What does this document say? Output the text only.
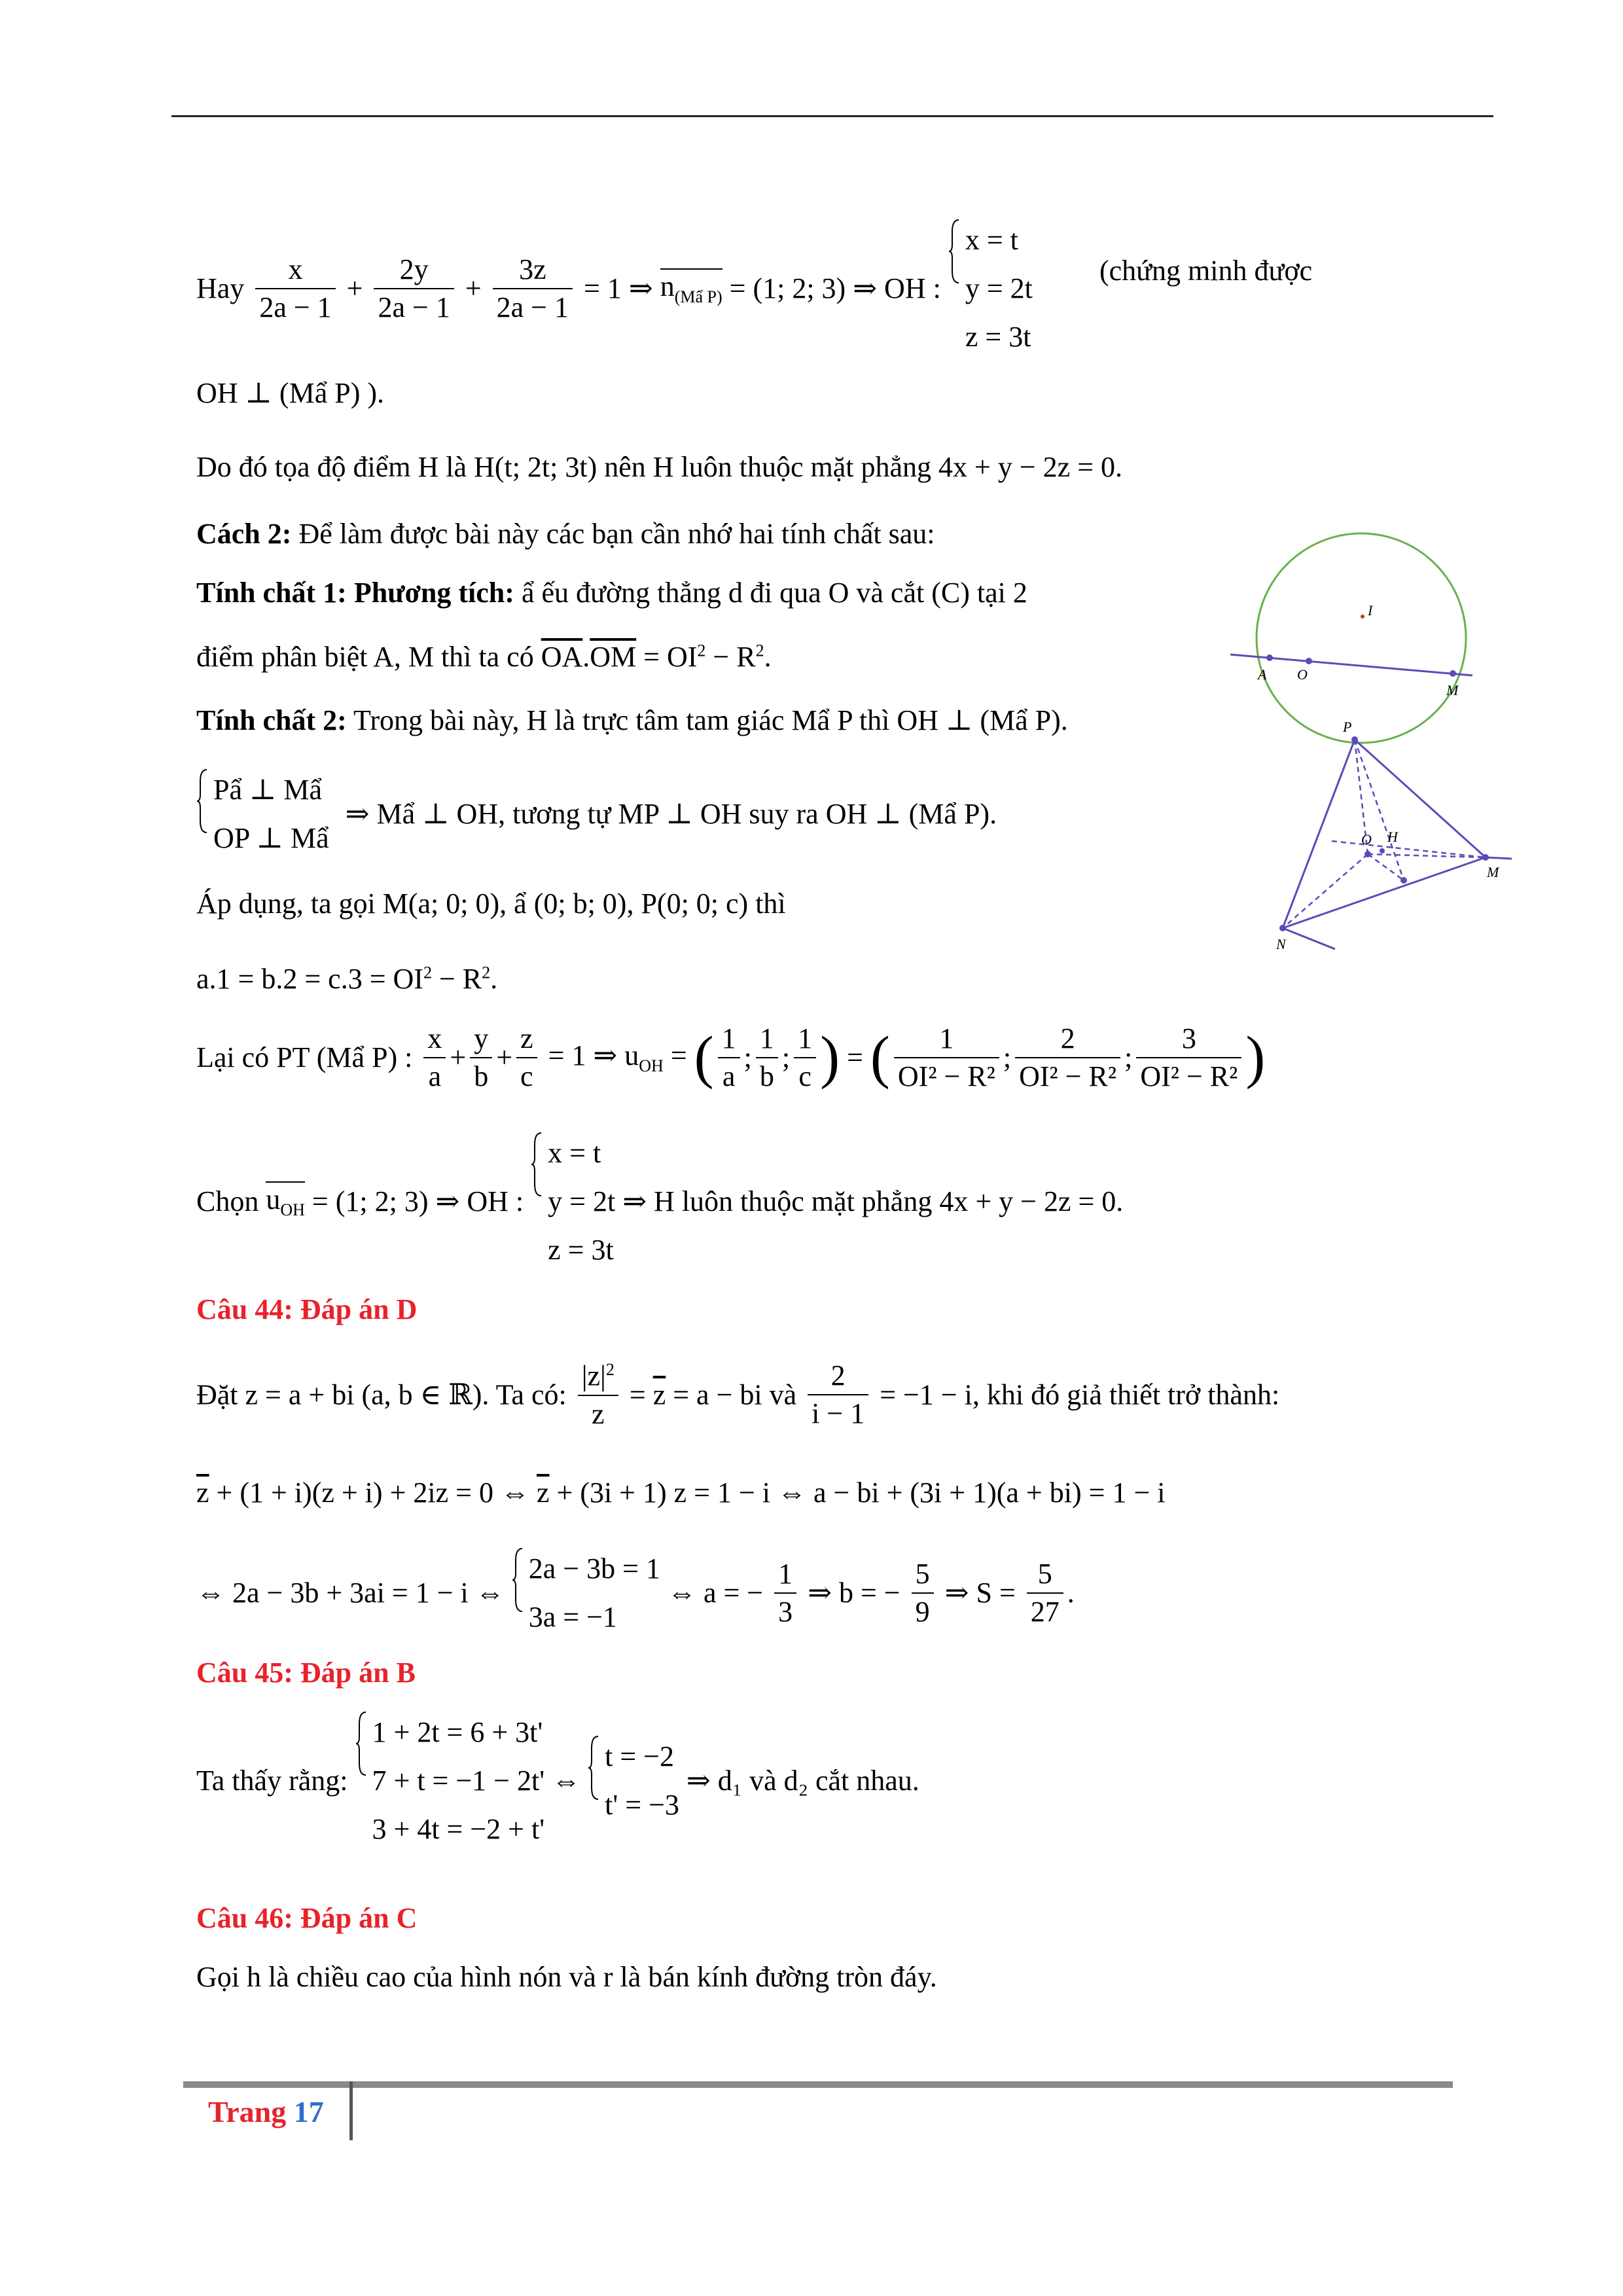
Hay $\frac{x}{2a - 1} + \frac{2y}{2a - 1} + \frac{3z}{2a - 1} = 1$ ⇒ $n_{(Mẩ P)} = (1$; 2; 3) ⇒ OH :
x = t
y = 2t
z = 3t
(chứng minh được
OH ⊥ (Mẩ P) ).
Do đó tọa độ điểm H là H(t; 2t; 3t) nên H luôn thuộc mặt phẳng 4x + y − 2z = 0.
Cách 2: Để làm được bài này các bạn cần nhớ hai tính chất sau:
Tính chất 1: Phương tích: ẩ ếu đường thẳng d đi qua O và cắt (C) tại 2
điểm phân biệt A, M thì ta có $\overline{OA}.\overline{OM} = OI^2 - R^2$.
Tính chất 2: Trong bài này, H là trực tâm tam giác Mẩ P thì OH ⊥ (Mẩ P).
Pẩ ⊥ Mẩ
OP ⊥ Mẩ
⇒ Mẩ ⊥ OH, tương tự MP ⊥ OH suy ra OH ⊥ (Mẩ P).
Áp dụng, ta gọi M(a; 0; 0), ẩ (0; b; 0), P(0; 0; c) thì
$a.1 = b.2 = c.3 = OI^2 - R^2$.
Lại có PT (Mẩ P) : $\frac{x}{a} + \frac{y}{b} + \frac{z}{c} = 1$ ⇒ $u_{OH}$ = ( $\frac{1}{a}$ ; $\frac{1}{b}$ ; $\frac{1}{c}$ ) = ( $\frac{1}{\text{OI² − R²}}$ ; $\frac{2}{\text{OI² − R²}}$ ; $\frac{3}{\text{OI² − R²}}$ )
Chọn $u_{OH} = (1$; 2; 3) ⇒ OH :
x = t
y = 2t
z = 3t
⇒ H luôn thuộc mặt phẳng 4x + y − 2z = 0.
Câu 44: Đáp án D
Đặt z = a + bi (a, b ∈ ℝ). Ta có: $\frac{|z|^2}{z} = \overline{z} = a$ − bi và $\frac{2}{i - 1} = -1 - i$, khi đó giả thiết trở thành:
$\overline{z} + (1 + i)(z + i) + 2iz = 0$ ⇔ $\overline{z} + (3i + 1) z = 1 - i$ ⇔ a − bi + (3i + 1)(a + bi) = 1 − i
⇔ 2a − 3b + 3ai = 1 − i ⇔
2a − 3b = 1
3a = −1
⇔ a = − $\frac{1}{3}$ ⇒ b = − $\frac{5}{9}$ ⇒ $S = \frac{5}{27}$ .
Câu 45: Đáp án B
Ta thấy rằng:
1 + 2t = 6 + 3t'
7 + t = −1 − 2t'
3 + 4t = −2 + t'
⇔
t = −2
t' = −3
⇒ d₁ và d₂ cắt nhau.
Câu 46: Đáp án C
Gọi h là chiều cao của hình nón và r là bán kính đường tròn đáy.
I
A O
M
P
O H
M
N
Trang 17
